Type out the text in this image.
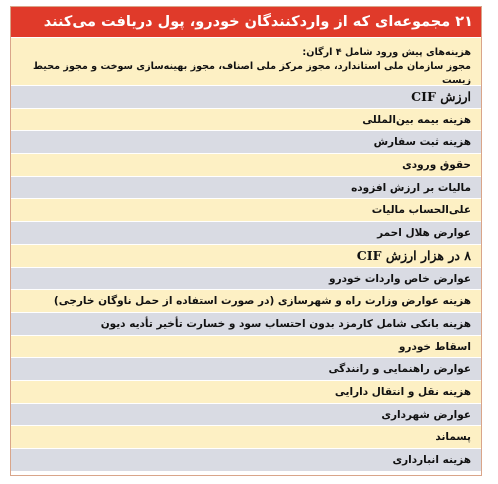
۲۱ مجموعه‌ای که از واردکنندگان خودرو، پول دریافت می‌کنند
هزینه‌های پیش ورود شامل ۴ ارگان:
مجوز سازمان ملی استاندارد، مجوز مرکز ملی اصناف، مجوز بهینه‌سازی سوخت و مجوز محیط زیست
ارزش CIF
هزینه بیمه بین‌المللی
هزینه ثبت سفارش
حقوق ورودی
مالیات بر ارزش افزوده
علی‌الحساب مالیات
عوارض هلال احمر
۸ در هزار ارزش CIF
عوارض خاص واردات خودرو
هزینه عوارض وزارت راه و شهرسازی (در صورت استفاده از حمل ناوگان خارجی)
هزینه بانکی شامل کارمزد بدون احتساب سود و خسارت تأخیر تأدیه دیون
اسقاط خودرو
عوارض راهنمایی و رانندگی
هزینه نقل و انتقال دارایی
عوارض شهرداری
پسماند
هزینه انبارداری
